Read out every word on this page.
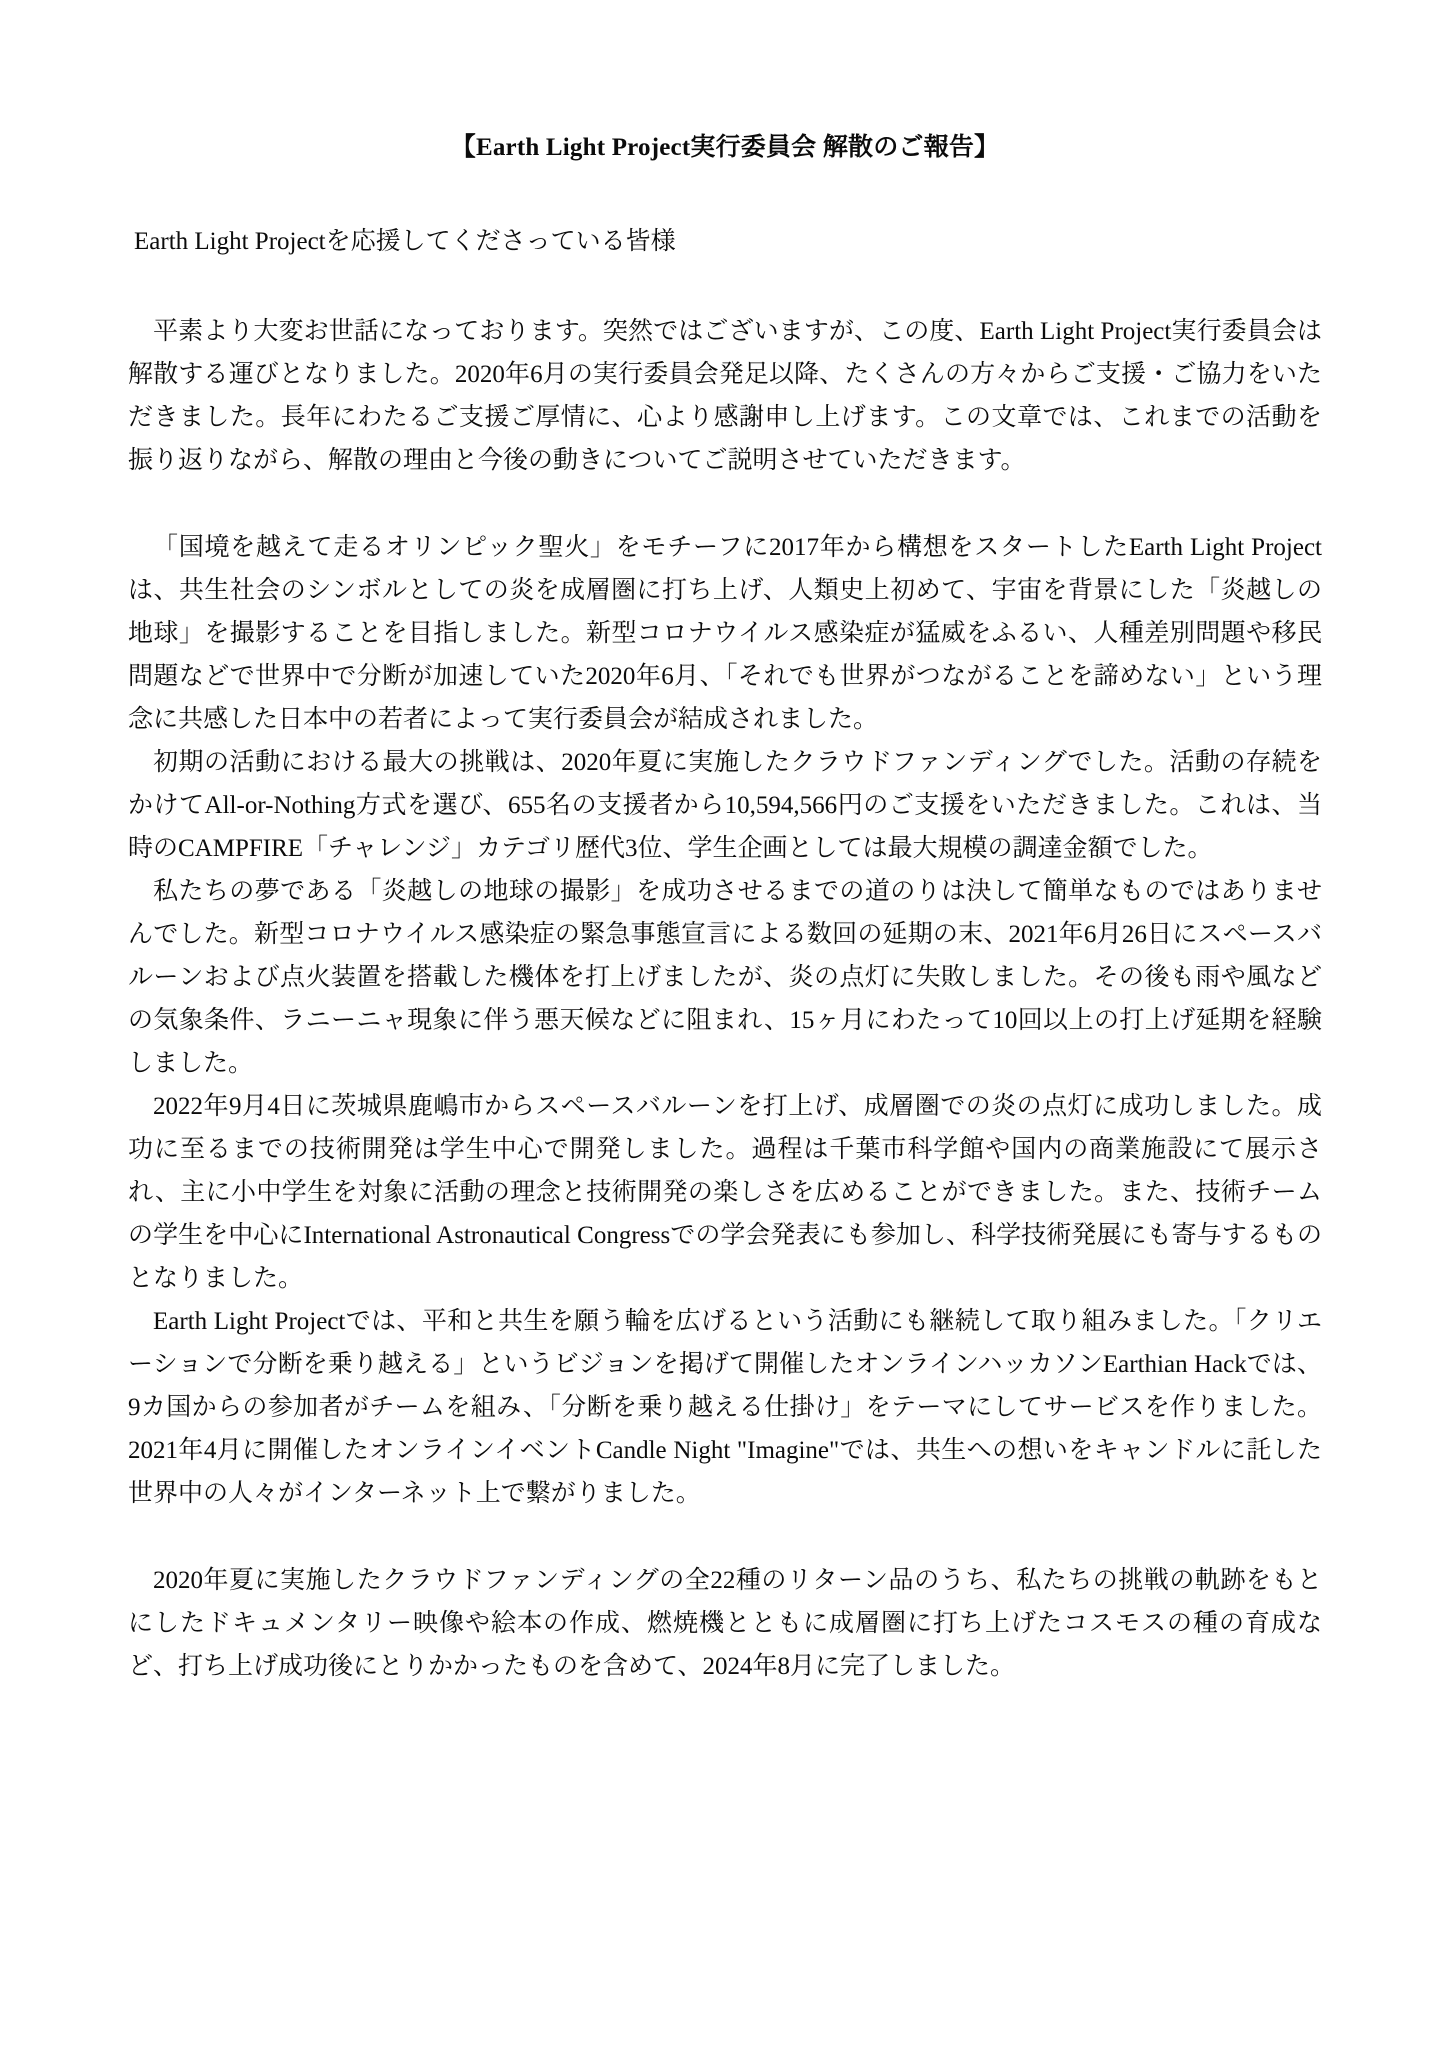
【Earth Light Project実行委員会 解散のご報告】

Earth Light Projectを応援してくださっている皆様

平素より大変お世話になっております。突然ではございますが、この度、Earth Light Project実行委員会は解散する運びとなりました。2020年6月の実行委員会発足以降、たくさんの方々からご支援・ご協力をいただきました。長年にわたるご支援ご厚情に、心より感謝申し上げます。この文章では、これまでの活動を振り返りながら、解散の理由と今後の動きについてご説明させていただきます。

「国境を越えて走るオリンピック聖火」をモチーフに2017年から構想をスタートしたEarth Light Projectは、共生社会のシンボルとしての炎を成層圏に打ち上げ、人類史上初めて、宇宙を背景にした「炎越しの地球」を撮影することを目指しました。新型コロナウイルス感染症が猛威をふるい、人種差別問題や移民問題などで世界中で分断が加速していた2020年6月、「それでも世界がつながることを諦めない」という理念に共感した日本中の若者によって実行委員会が結成されました。

初期の活動における最大の挑戦は、2020年夏に実施したクラウドファンディングでした。活動の存続をかけてAll-or-Nothing方式を選び、655名の支援者から10,594,566円のご支援をいただきました。これは、当時のCAMPFIRE「チャレンジ」カテゴリ歴代3位、学生企画としては最大規模の調達金額でした。

私たちの夢である「炎越しの地球の撮影」を成功させるまでの道のりは決して簡単なものではありませんでした。新型コロナウイルス感染症の緊急事態宣言による数回の延期の末、2021年6月26日にスペースバルーンおよび点火装置を搭載した機体を打上げましたが、炎の点灯に失敗しました。その後も雨や風などの気象条件、ラニーニャ現象に伴う悪天候などに阻まれ、15ヶ月にわたって10回以上の打上げ延期を経験しました。

2022年9月4日に茨城県鹿嶋市からスペースバルーンを打上げ、成層圏での炎の点灯に成功しました。成功に至るまでの技術開発は学生中心で開発しました。過程は千葉市科学館や国内の商業施設にて展示され、主に小中学生を対象に活動の理念と技術開発の楽しさを広めることができました。また、技術チームの学生を中心にInternational Astronautical Congressでの学会発表にも参加し、科学技術発展にも寄与するものとなりました。

Earth Light Projectでは、平和と共生を願う輪を広げるという活動にも継続して取り組みました。「クリエーションで分断を乗り越える」というビジョンを掲げて開催したオンラインハッカソンEarthian Hackでは、9カ国からの参加者がチームを組み、「分断を乗り越える仕掛け」をテーマにしてサービスを作りました。2021年4月に開催したオンラインイベントCandle Night "Imagine"では、共生への想いをキャンドルに託した世界中の人々がインターネット上で繋がりました。

2020年夏に実施したクラウドファンディングの全22種のリターン品のうち、私たちの挑戦の軌跡をもとにしたドキュメンタリー映像や絵本の作成、燃焼機とともに成層圏に打ち上げたコスモスの種の育成など、打ち上げ成功後にとりかかったものを含めて、2024年8月に完了しました。
